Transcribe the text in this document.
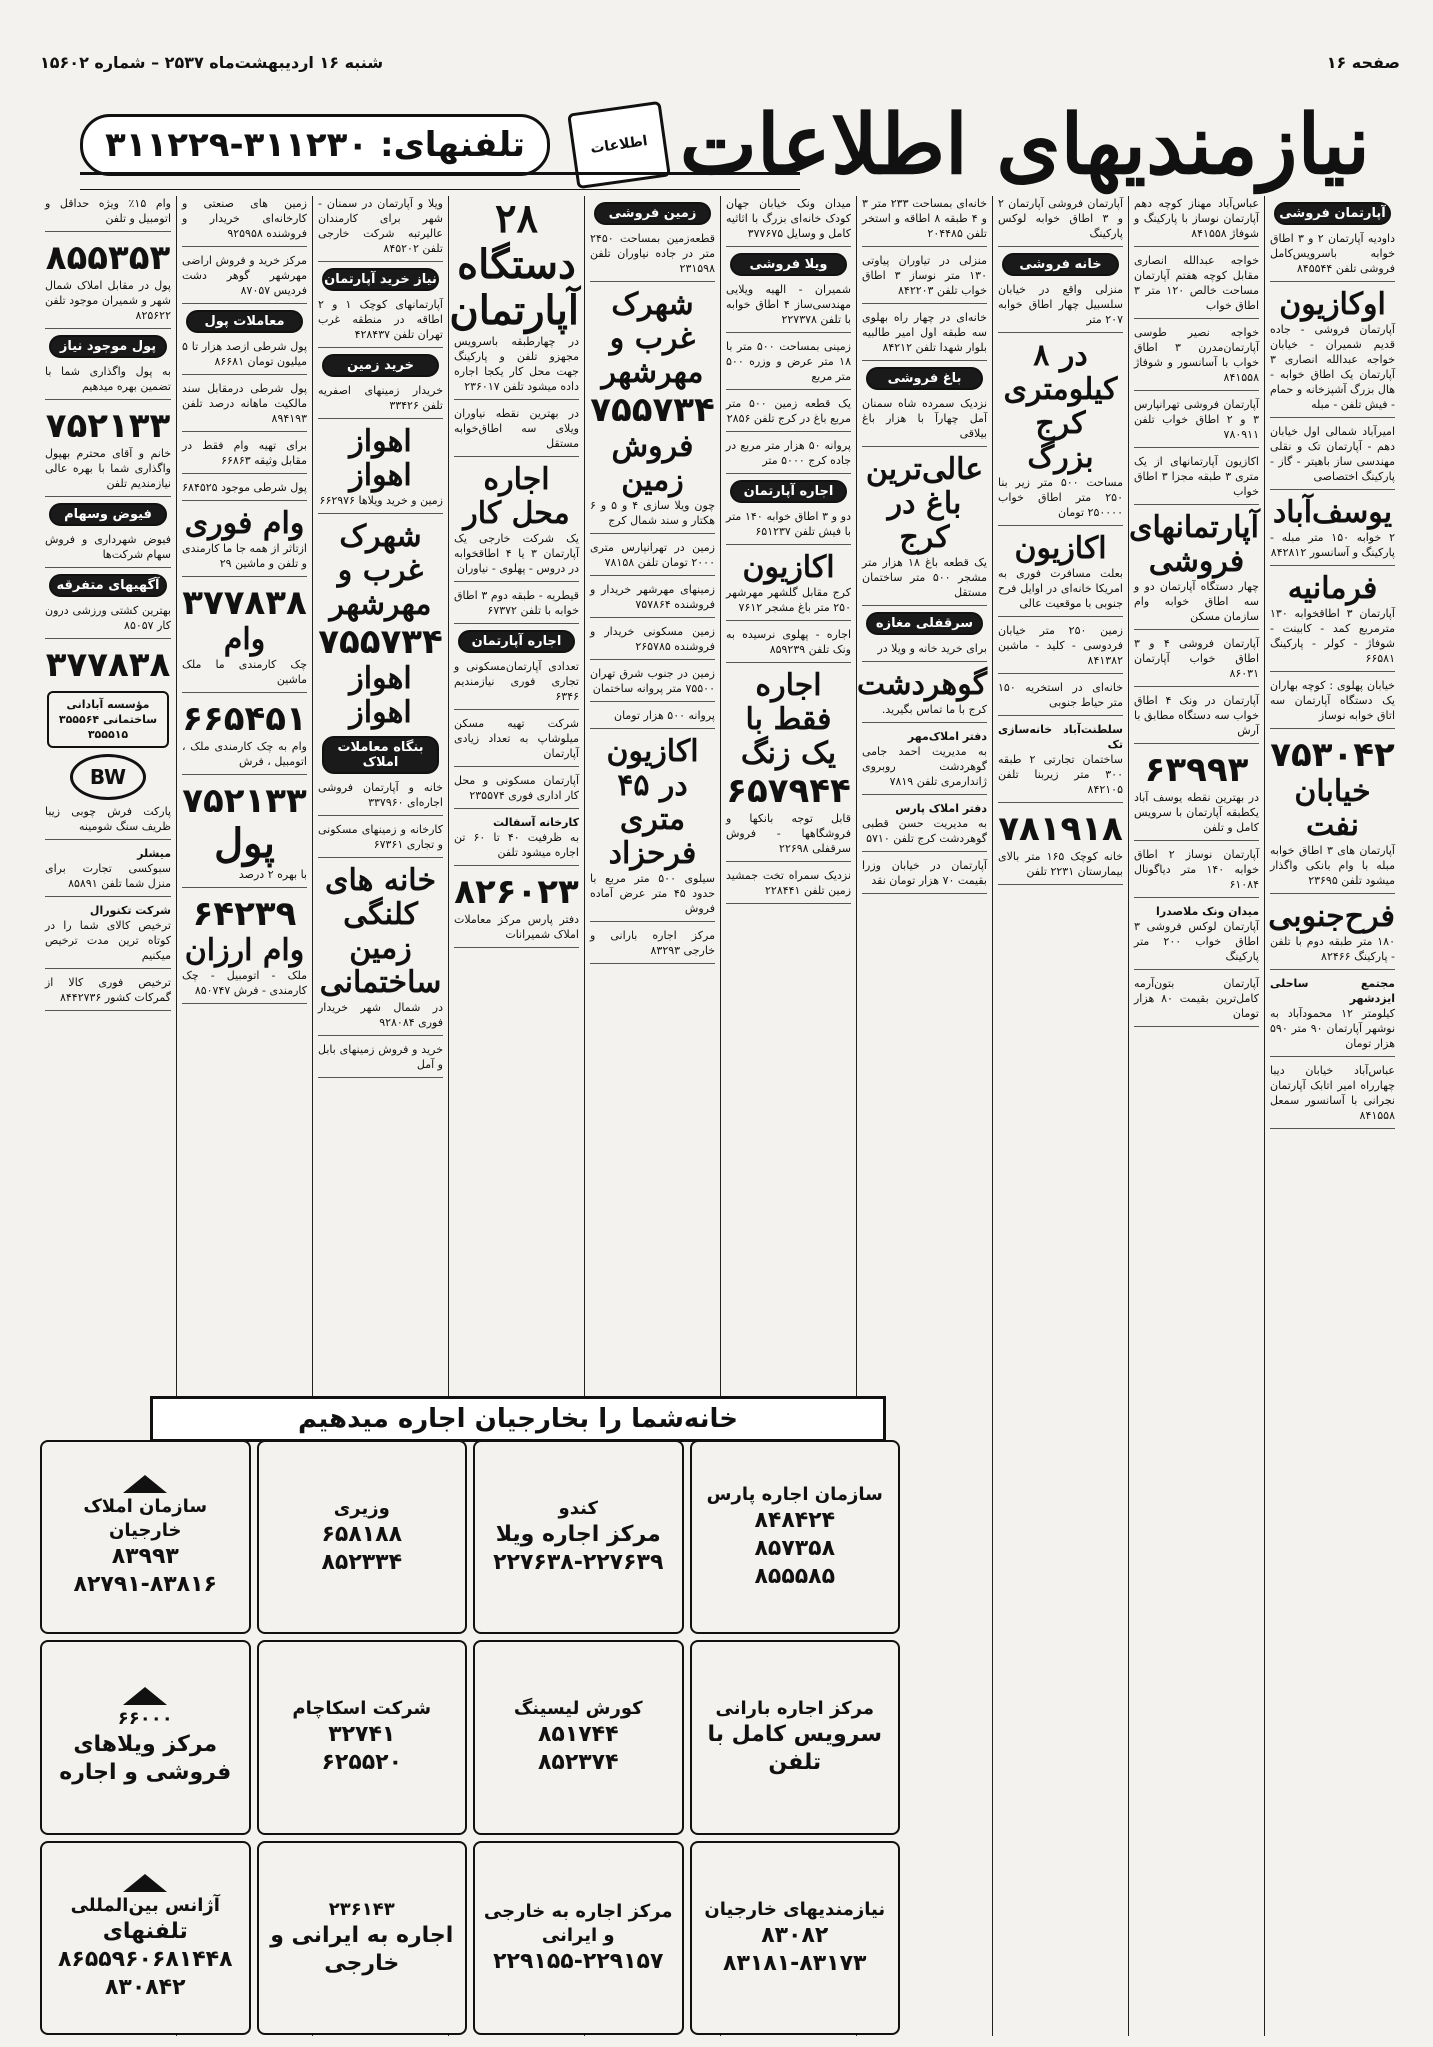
صفحه ۱۶
شنبه ۱۶ اردیبهشت‌ماه ۲۵۳۷ – شماره ۱۵۶۰۲
نیازمندیهای اطلاعات
اطلاعات
تلفنهای: ۳۱۱۲۳۰-۳۱۱۲۲۹
آپارتمان فروشی
داودیه آپارتمان ۲ و ۳ اطاق خوابه باسرویس‌کامل فروشی تلفن ۸۴۵۵۴۴
اوکازیون
آپارتمان فروشی - جاده قدیم شمیران - خیابان خواجه عبدالله انصاری ۳ آپارتمان یک اطاق خوابه - هال بزرگ آشپزخانه و حمام - فیش تلفن - مبله
امیرآباد شمالی اول خیابان دهم - آپارتمان تک و نقلی مهندسی ساز باهیتر - گاز - پارکینگ اختصاصی
یوسف‌آباد
۲ خوابه ۱۵۰ متر مبله - پارکینگ و آسانسور ۸۴۲۸۱۲
فرمانیه
آپارتمان ۳ اطاقخوابه ۱۳۰ مترمربع کمد - کابینت - شوفاژ - کولر - پارکینگ ۶۶۵۸۱
خیابان پهلوی : کوچه بهاران یک دستگاه آپارتمان سه اتاق خوابه نوساز
۷۵۳۰۴۲
خیابان نفت
آپارتمان های ۳ اطاق خوابه مبله با وام بانکی واگذار میشود تلفن ۲۳۶۹۵
فرح‌جنوبی
۱۸۰ متر طبقه دوم با تلفن - پارکینگ ۸۲۴۶۶
مجتمع ساحلی ایزدشهر
کیلومتر ۱۲ محمودآباد به نوشهر آپارتمان ۹۰ متر ۵۹۰ هزار تومان
عباس‌آباد خیابان دیبا چهارراه امیر اتابک آپارتمان نجرانی با آسانسور سمعل ۸۴۱۵۵۸
عباس‌آباد مهناز کوچه دهم آپارتمان نوساز با پارکینگ و شوفاژ ۸۴۱۵۵۸
خواجه عبدالله انصاری مقابل کوچه هفتم آپارتمان مساحت خالص ۱۲۰ متر ۳ اطاق خواب
خواجه نصیر طوسی آپارتمان‌مدرن ۳ اطاق خواب با آسانسور و شوفاژ ۸۴۱۵۵۸
آپارتمان فروشی تهرانپارس ۳ و ۲ اطاق خواب تلفن ۷۸۰۹۱۱
اکازیون آپارتمانهای از یک متری ۳ طبقه مجزا ۳ اطاق خواب
آپارتمانهای فروشی
چهار دستگاه آپارتمان دو و سه اطاق خوابه وام سازمان مسکن
آپارتمان فروشی ۴ و ۳ اطاق خواب آپارتمان ۸۶۰۳۱
آپارتمان در ونک ۴ اطاق خواب سه دستگاه مطابق با آرش
۶۳۹۹۳
در بهترین نقطه یوسف آباد یکطبقه آپارتمان با سرویس کامل و تلفن
آپارتمان نوساز ۲ اطاق خوابه ۱۴۰ متر دیاگونال ۶۱۰۸۴
میدان ونک ملاصدرا
آپارتمان لوکس فروشی ۳ اطاق خواب ۲۰۰ متر پارکینگ
آپارتمان بتون‌آرمه کامل‌ترین بقیمت ۸۰ هزار تومان
آپارتمان فروشی آپارتمان ۲ و ۳ اطاق خوابه لوکس پارکینگ
خانه فروشی
منزلی واقع در خیابان سلسبیل چهار اطاق خوابه ۲۰۷ متر
در ۸ کیلومتری کرج بزرگ
مساحت ۵۰۰ متر زیر بنا ۲۵۰ متر اطاق خواب ۲۵۰۰۰۰ تومان
اکازیون
بعلت مسافرت فوری به امریکا خانه‌ای در اوایل فرح جنوبی با موقعیت عالی
زمین ۲۵۰ متر خیابان فردوسی - کلید - ماشین ۸۴۱۳۸۲
خانه‌ای در استخریه ۱۵۰ متر حیاط جنوبی
سلطنت‌آباد خانه‌سازی تک
ساختمان تجارتی ۲ طبقه ۳۰۰ متر زیربنا تلفن ۸۴۲۱۰۵
۷۸۱۹۱۸
خانه کوچک ۱۶۵ متر بالای بیمارستان ۲۲۳۱ تلفن
خانه‌ای بمساحت ۲۳۳ متر ۳ و ۴ طبقه ۸ اطاقه و استخر تلفن ۲۰۴۴۸۵
منزلی در تیاوران پیاوتی ۱۳۰ متر نوساز ۳ اطاق خواب تلفن ۸۴۲۲۰۳
خانه‌ای در چهار راه بهلوی سه طبقه اول امیر طالبیه بلوار شهدا تلفن ۸۴۲۱۲
باغ فروشی
نزدیک سمرده شاه سمنان آمل چهارآ با هزار باغ بیلاقی
عالی‌ترین باغ در کرج
یک قطعه باغ ۱۸ هزار متر مشجر ۵۰۰ متر ساختمان مستقل
سرقفلی مغازه
برای خرید خانه و ویلا در
گوهردشت
کرج با ما تماس بگیرید.
دفتر املاک‌مهر
به مدیریت احمد جامی گوهردشت روبروی ژاندارمری تلفن ۷۸۱۹
دفتر املاک پارس
به مدیریت حسن قطبی گوهردشت کرج تلفن ۵۷۱۰
آپارتمان در خیابان وزرا بقیمت ۷۰ هزار تومان نقد
میدان ونک خیابان جهان کودک خانه‌ای بزرگ با اثاثیه کامل و وسایل ۳۷۷۶۷۵
ویلا فروشی
شمیران - الهیه ویلایی مهندسی‌ساز ۴ اطاق خوابه با تلفن ۲۲۷۳۷۸
زمینی بمساحت ۵۰۰ متر با ۱۸ متر عرض و وزره ۵۰۰ متر مربع
یک قطعه زمین ۵۰۰ متر مربع باغ در کرج تلفن ۲۸۵۶
پروانه ۵۰ هزار متر مربع در جاده کرج ۵۰۰۰ متر
اجاره آپارتمان
دو و ۳ اطاق خوابه ۱۴۰ متر با فیش تلفن ۶۵۱۲۳۷
اکازیون
کرج مقابل گلشهر مهرشهر ۲۵۰ متر باغ مشجر ۷۶۱۲
اجاره - پهلوی نرسیده به ونک تلفن ۸۵۹۲۳۹
اجاره فقط با یک زنگ
۶۵۷۹۴۴
قابل توجه بانکها و فروشگاهها - فروش سرقفلی ۲۲۶۹۸
نزدیک سمراه تخت جمشید زمین تلفن ۲۲۸۴۴۱
زمین فروشی
قطعه‌زمین بمساحت ۲۴۵۰ متر در جاده نیاوران تلفن ۲۳۱۵۹۸
شهرک غرب و مهرشهر
۷۵۵۷۳۴
فروش زمین
چون ویلا سازی ۴ و ۵ و ۶ هکتار و سند شمال کرج
زمین در تهرانپارس متری ۲۰۰۰ تومان تلفن ۷۸۱۵۸
زمینهای مهرشهر خریدار و فروشنده ۷۵۷۸۶۴
زمین مسکونی خریدار و فروشنده ۲۶۵۷۸۵
زمین در جنوب شرق تهران ۷۵۵۰۰ متر پروانه ساختمان
پروانه ۵۰۰ هزار تومان
اکازیون در ۴۵ متری فرحزاد
سیلوی ۵۰۰ متر مربع با حدود ۴۵ متر عرض آماده فروش
مرکز اجاره بارانی و خارجی ۸۳۲۹۳
۲۸ دستگاه آپارتمان
در چهارطبقه باسرویس مجهزو تلفن و پارکینگ جهت محل کار یکجا اجاره داده میشود تلفن ۲۳۶۰۱۷
در بهترین نقطه نیاوران ویلای سه اطاق‌خوابه مستقل
اجاره محل کار
یک شرکت خارجی یک آپارتمان ۳ یا ۴ اطاقخوابه در دروس - پهلوی - نیاوران
قیطریه - طبقه دوم ۳ اطاق خوابه با تلفن ۶۷۳۷۲
اجاره آپارتمان
تعدادی آپارتمان‌مسکونی و تجاری فوری نیازمندیم ۶۳۴۶
شرکت تهیه مسکن میلوشاپ به تعداد زیادی آپارتمان
آپارتمان مسکونی و محل کار اداری فوری ۲۳۵۵۷۴
کارخانه آسفالت
به ظرفیت ۴۰ تا ۶۰ تن اجاره میشود تلفن
۸۲۶۰۲۳
دفتر پارس مرکز معاملات املاک شمیرانات
ویلا و آپارتمان در سمنان - شهر برای کارمندان عالیرتبه شرکت خارجی تلفن ۸۴۵۲۰۲
نیاز خرید آپارتمان
آپارتمانهای کوچک ۱ و ۲ اطاقه در منطقه غرب تهران تلفن ۴۲۸۴۳۷
خرید زمین
خریدار زمینهای اصفریه تلفن ۳۳۴۲۶
اهواز اهواز
زمین و خرید ویلاها ۶۶۲۹۷۶
شهرک غرب و مهرشهر
۷۵۵۷۳۴
اهواز اهواز
بنگاه معاملات املاک
خانه و آپارتمان فروشی اجاره‌ای ۳۳۷۹۶۰
کارخانه و زمینهای مسکونی و تجاری ۶۷۳۶۱
خانه های کلنگی زمین ساختمانی
در شمال شهر خریدار فوری ۹۲۸۰۸۴
خرید و فروش زمینهای بابل و آمل
زمین های صنعتی و کارخانه‌ای خریدار و فروشنده ۹۲۵۹۵۸
مرکز خرید و فروش اراضی مهرشهر گوهر دشت فردیس ۸۷۰۵۷
معاملات پول
پول شرطی ازصد هزار تا ۵ میلیون تومان ۸۶۶۸۱
پول شرطی درمقابل سند مالکیت ماهانه درصد تلفن ۸۹۴۱۹۳
برای تهیه وام فقط در مقابل وثیقه ۶۶۸۶۳
پول شرطی موجود ۶۸۴۵۲۵
وام فوری
ازتاثر از همه جا ما کارمندی و تلفن و ماشین ۲۹
۳۷۷۸۳۸
وام
چک کارمندی ما ملک ماشین
۶۶۵۴۵۱
وام به چک کارمندی ملک ، اتومبیل ، فرش
۷۵۲۱۳۳
پول
با بهره ۲ درصد
۶۴۲۳۹
وام ارزان
ملک - اتومبیل - چک کارمندی - فرش ۸۵۰۷۴۷
وام ۱۵٪ ویژه حداقل و اتومبیل و تلفن
۸۵۵۳۵۳
پول در مقابل املاک شمال شهر و شمیران موجود تلفن ۸۲۵۶۲۲
پول موجود نیاز
به پول واگذاری شما با تضمین بهره میدهیم
۷۵۲۱۳۳
خانم و آقای محترم بهپول واگذاری شما با بهره عالی نیازمندیم تلفن
فیوض وسهام
فیوض شهرداری و فروش سهام شرکت‌ها
آگهیهای متفرقه
بهترین کشتی ورزشی درون کار ۸۵۰۵۷
۳۷۷۸۳۸
مؤسسه آبادانی ساختمانی ۳۵۵۵۶۴ ۳۵۵۵۱۵
BW
پارکت فرش چوبی زیبا ظریف سنگ شومینه
میشلر
سبوکسی تجارت برای منزل شما تلفن ۸۵۸۹۱
شرکت تکنورال
ترخیص کالای شما را در کوتاه ترین مدت ترخیص میکنیم
ترخیص فوری کالا از گمرکات کشور ۸۴۴۲۷۳۶
خانه‌شما را بخارجیان اجاره میدهیم
سازمان اجاره پارس
۸۴۸۴۲۴
۸۵۷۳۵۸
۸۵۵۵۸۵
کندو
مرکز اجاره ویلا
۲۲۷۶۳۸-۲۲۷۶۳۹
وزیری
۶۵۸۱۸۸
۸۵۲۳۳۴
سازمان املاک خارجیان
۸۳۹۹۳
۸۲۷۹۱-۸۳۸۱۶
مرکز اجاره بارانی
سرویس کامل با تلفن
کورش لیسینگ
۸۵۱۷۴۴
۸۵۲۳۷۴
شرکت اسکاچام
۳۲۷۴۱
۶۲۵۵۲۰
۶۶۰۰۰
مرکز ویلاهای فروشی و اجاره
نیازمندیهای خارجیان
۸۳۰۸۲
۸۳۱۸۱-۸۳۱۷۳
مرکز اجاره به خارجی و ایرانی
۲۲۹۱۵۵-۲۲۹۱۵۷
۲۳۶۱۴۳
اجاره به ایرانی و خارجی
آژانس بین‌المللی
تلفنهای ۸۶۵۵۹۶۰۶۸۱۴۴۸
۸۳۰۸۴۲
